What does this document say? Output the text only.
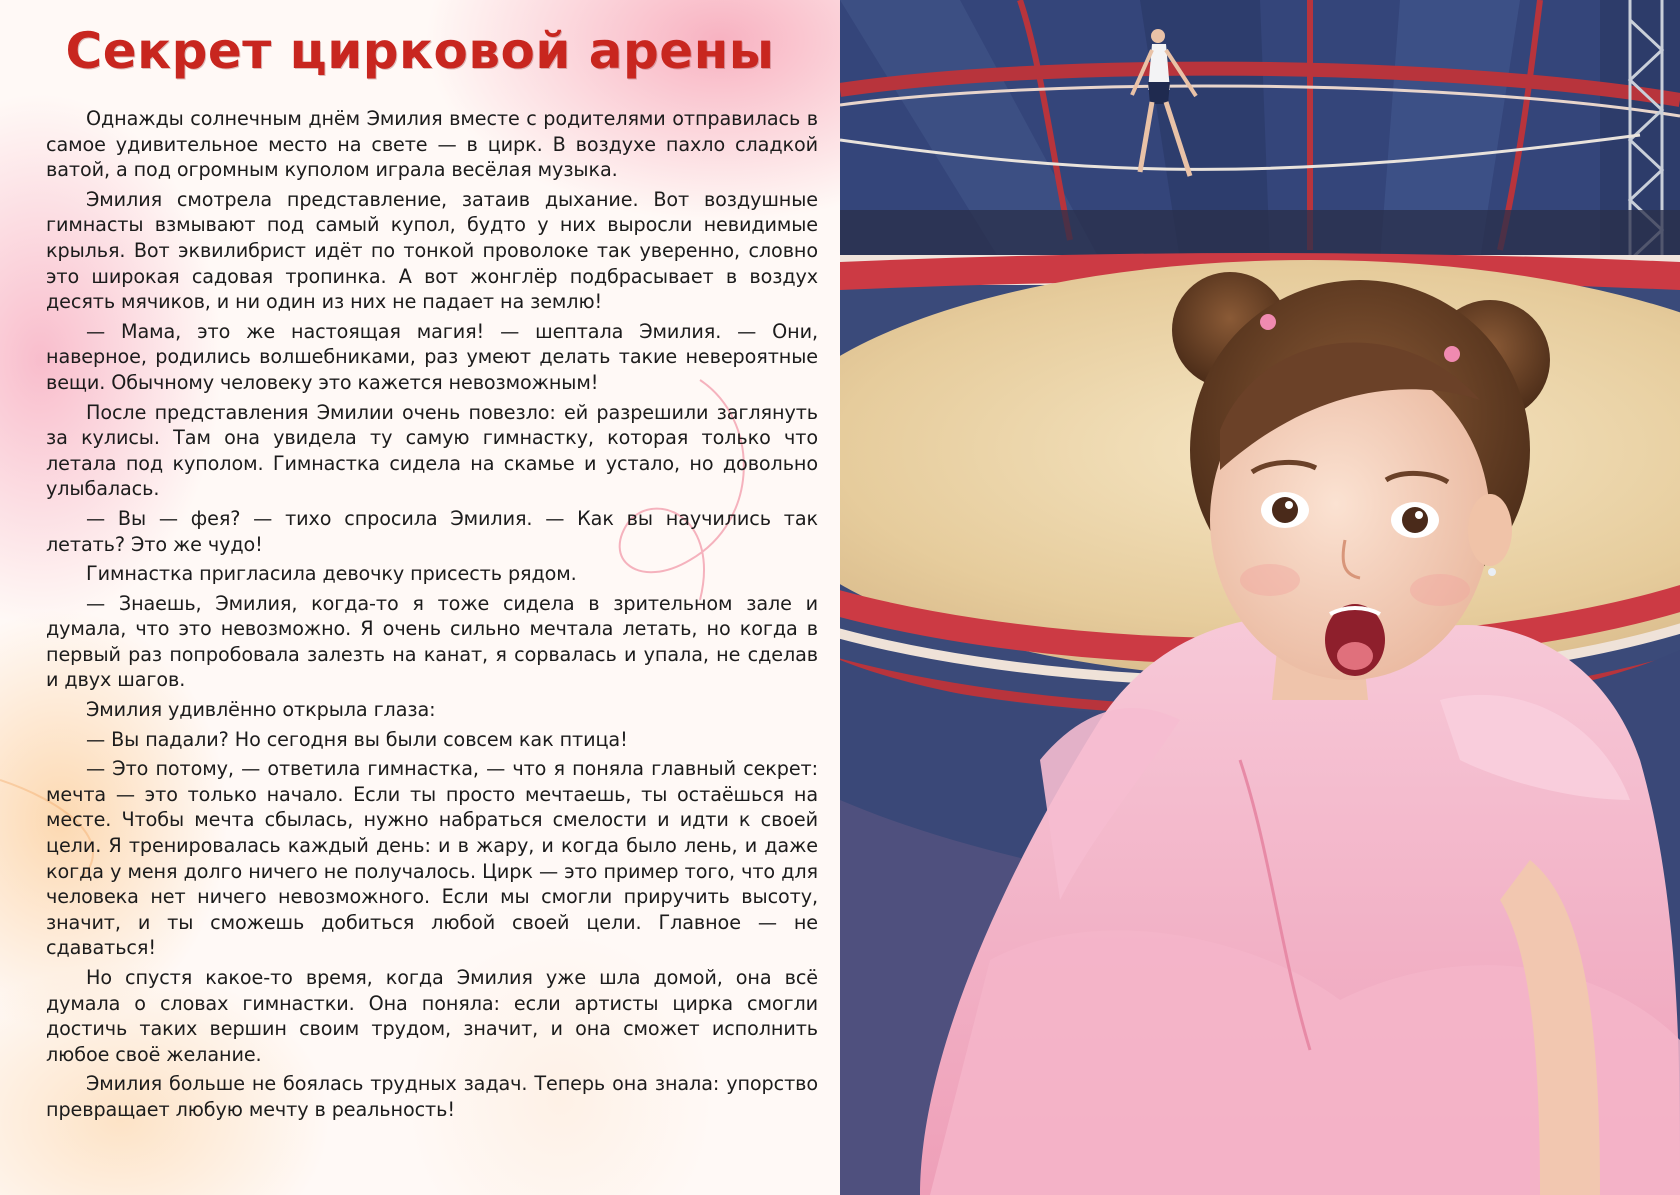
Секрет цирковой арены

Однажды солнечным днём Эмилия вместе с родителями отправилась в самое удивительное место на свете — в цирк. В воздухе пахло сладкой ватой, а под огромным куполом играла весёлая музыка.

Эмилия смотрела представление, затаив дыхание. Вот воздушные гимнасты взмывают под самый купол, будто у них выросли невидимые крылья. Вот эквилибрист идёт по тонкой проволоке так уверенно, словно это широкая садовая тропинка. А вот жонглёр подбрасывает в воздух десять мячиков, и ни один из них не падает на землю!

— Мама, это же настоящая магия! — шептала Эмилия. — Они, наверное, родились волшебниками, раз умеют делать такие невероятные вещи. Обычному человеку это кажется невозможным!

После представления Эмилии очень повезло: ей разрешили заглянуть за кулисы. Там она увидела ту самую гимнастку, которая только что летала под куполом. Гимнастка сидела на скамье и устало, но довольно улыбалась.

— Вы — фея? — тихо спросила Эмилия. — Как вы научились так летать? Это же чудо!

Гимнастка пригласила девочку присесть рядом.

— Знаешь, Эмилия, когда-то я тоже сидела в зрительном зале и думала, что это невозможно. Я очень сильно мечтала летать, но когда в первый раз попробовала залезть на канат, я сорвалась и упала, не сделав и двух шагов.

Эмилия удивлённо открыла глаза:

— Вы падали? Но сегодня вы были совсем как птица!

— Это потому, — ответила гимнастка, — что я поняла главный секрет: мечта — это только начало. Если ты просто мечтаешь, ты остаёшься на месте. Чтобы мечта сбылась, нужно набраться смелости и идти к своей цели. Я тренировалась каждый день: и в жару, и когда было лень, и даже когда у меня долго ничего не получалось. Цирк — это пример того, что для человека нет ничего невозможного. Если мы смогли приручить высоту, значит, и ты сможешь добиться любой своей цели. Главное — не сдаваться!

Но спустя какое-то время, когда Эмилия уже шла домой, она всё думала о словах гимнастки. Она поняла: если артисты цирка смогли достичь таких вершин своим трудом, значит, и она сможет исполнить любое своё желание.

Эмилия больше не боялась трудных задач. Теперь она знала: упорство превращает любую мечту в реальность!
